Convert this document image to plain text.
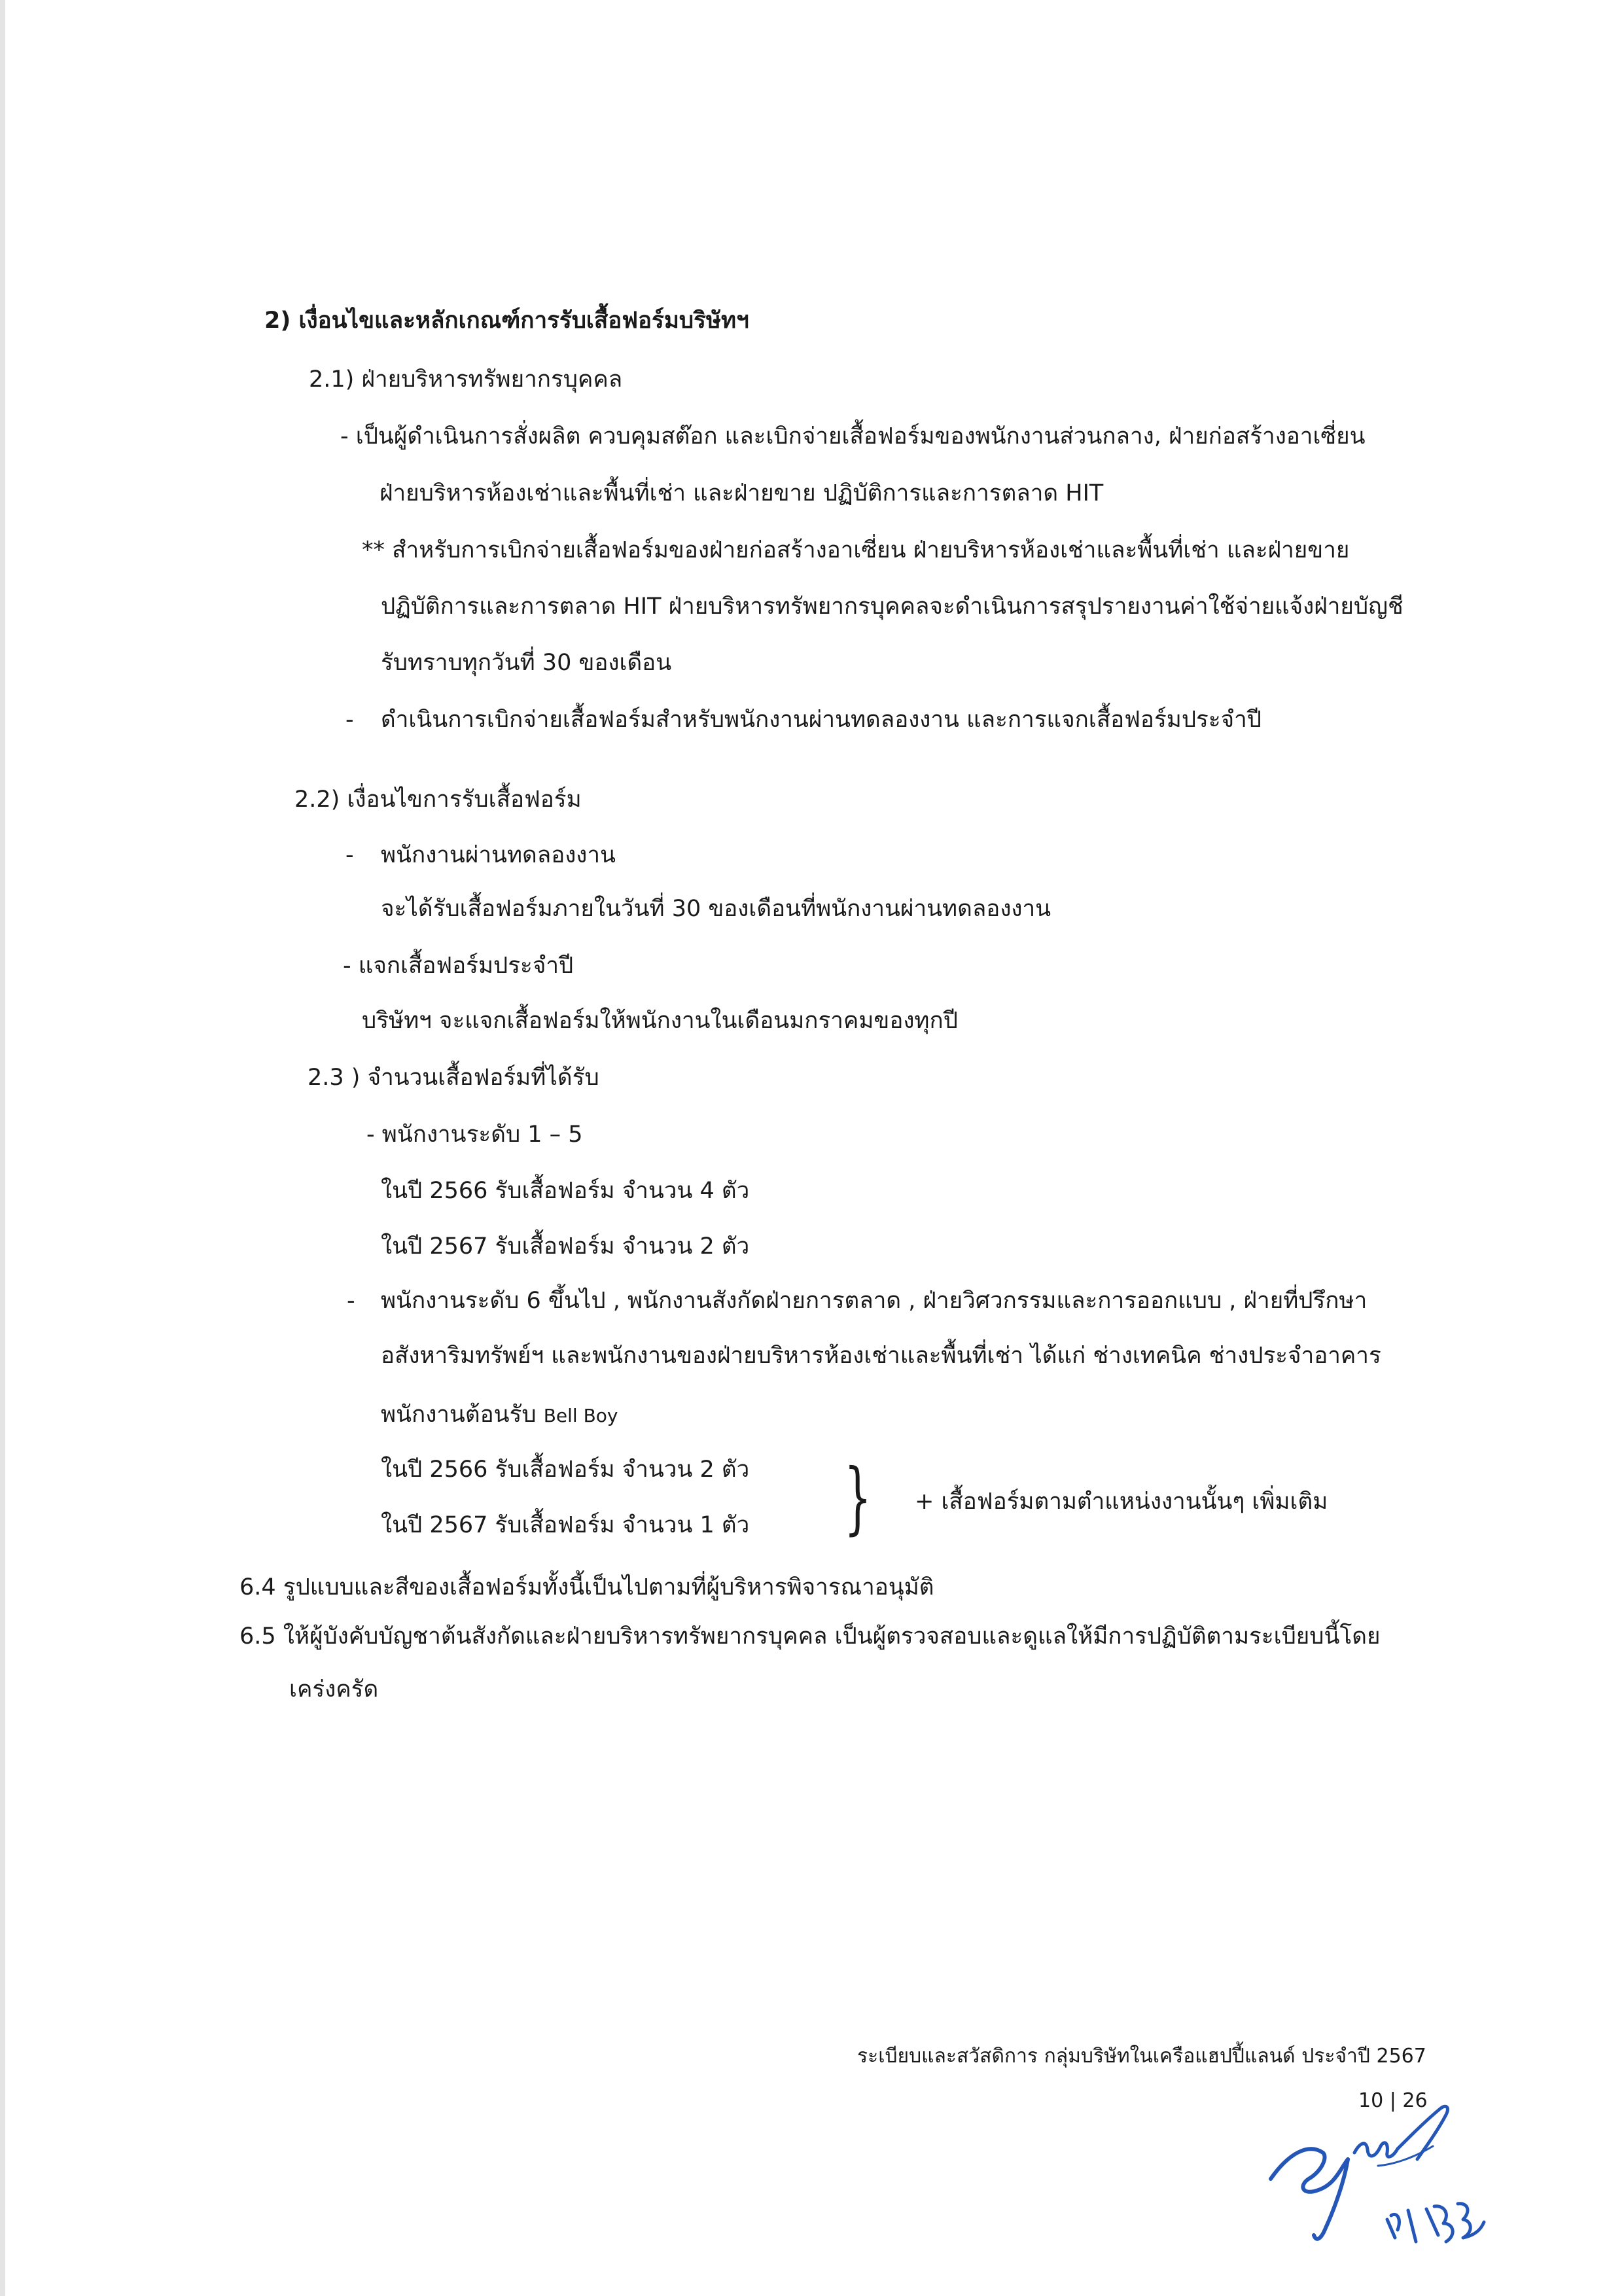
2) เงื่อนไขและหลักเกณฑ์การรับเสื้อฟอร์มบริษัทฯ
2.1) ฝ่ายบริหารทรัพยากรบุคคล
- เป็นผู้ดำเนินการสั่งผลิต ควบคุมสต๊อก และเบิกจ่ายเสื้อฟอร์มของพนักงานส่วนกลาง, ฝ่ายก่อสร้างอาเซี่ยน
ฝ่ายบริหารห้องเช่าและพื้นที่เช่า และฝ่ายขาย ปฏิบัติการและการตลาด HIT
** สำหรับการเบิกจ่ายเสื้อฟอร์มของฝ่ายก่อสร้างอาเซี่ยน ฝ่ายบริหารห้องเช่าและพื้นที่เช่า และฝ่ายขาย
ปฏิบัติการและการตลาด HIT ฝ่ายบริหารทรัพยากรบุคคลจะดำเนินการสรุปรายงานค่าใช้จ่ายแจ้งฝ่ายบัญชี
รับทราบทุกวันที่ 30 ของเดือน
- ดำเนินการเบิกจ่ายเสื้อฟอร์มสำหรับพนักงานผ่านทดลองงาน และการแจกเสื้อฟอร์มประจำปี
2.2) เงื่อนไขการรับเสื้อฟอร์ม
- พนักงานผ่านทดลองงาน
จะได้รับเสื้อฟอร์มภายในวันที่ 30 ของเดือนที่พนักงานผ่านทดลองงาน
- แจกเสื้อฟอร์มประจำปี
บริษัทฯ จะแจกเสื้อฟอร์มให้พนักงานในเดือนมกราคมของทุกปี
2.3 ) จำนวนเสื้อฟอร์มที่ได้รับ
- พนักงานระดับ 1 – 5
ในปี 2566 รับเสื้อฟอร์ม จำนวน 4 ตัว
ในปี 2567 รับเสื้อฟอร์ม จำนวน 2 ตัว
- พนักงานระดับ 6 ขึ้นไป , พนักงานสังกัดฝ่ายการตลาด , ฝ่ายวิศวกรรมและการออกแบบ , ฝ่ายที่ปรึกษา
อสังหาริมทรัพย์ฯ และพนักงานของฝ่ายบริหารห้องเช่าและพื้นที่เช่า ได้แก่ ช่างเทคนิค ช่างประจำอาคาร
พนักงานต้อนรับ Bell Boy
ในปี 2566 รับเสื้อฟอร์ม จำนวน 2 ตัว
ในปี 2567 รับเสื้อฟอร์ม จำนวน 1 ตัว } + เสื้อฟอร์มตามตำแหน่งงานนั้นๆ เพิ่มเติม
6.4 รูปแบบและสีของเสื้อฟอร์มทั้งนี้เป็นไปตามที่ผู้บริหารพิจารณาอนุมัติ
6.5 ให้ผู้บังคับบัญชาต้นสังกัดและฝ่ายบริหารทรัพยากรบุคคล เป็นผู้ตรวจสอบและดูแลให้มีการปฏิบัติตามระเบียบนี้โดย
เคร่งครัด
ระเบียบและสวัสดิการ กลุ่มบริษัทในเครือแฮปปี้แลนด์ ประจำปี 2567
10 | 26
